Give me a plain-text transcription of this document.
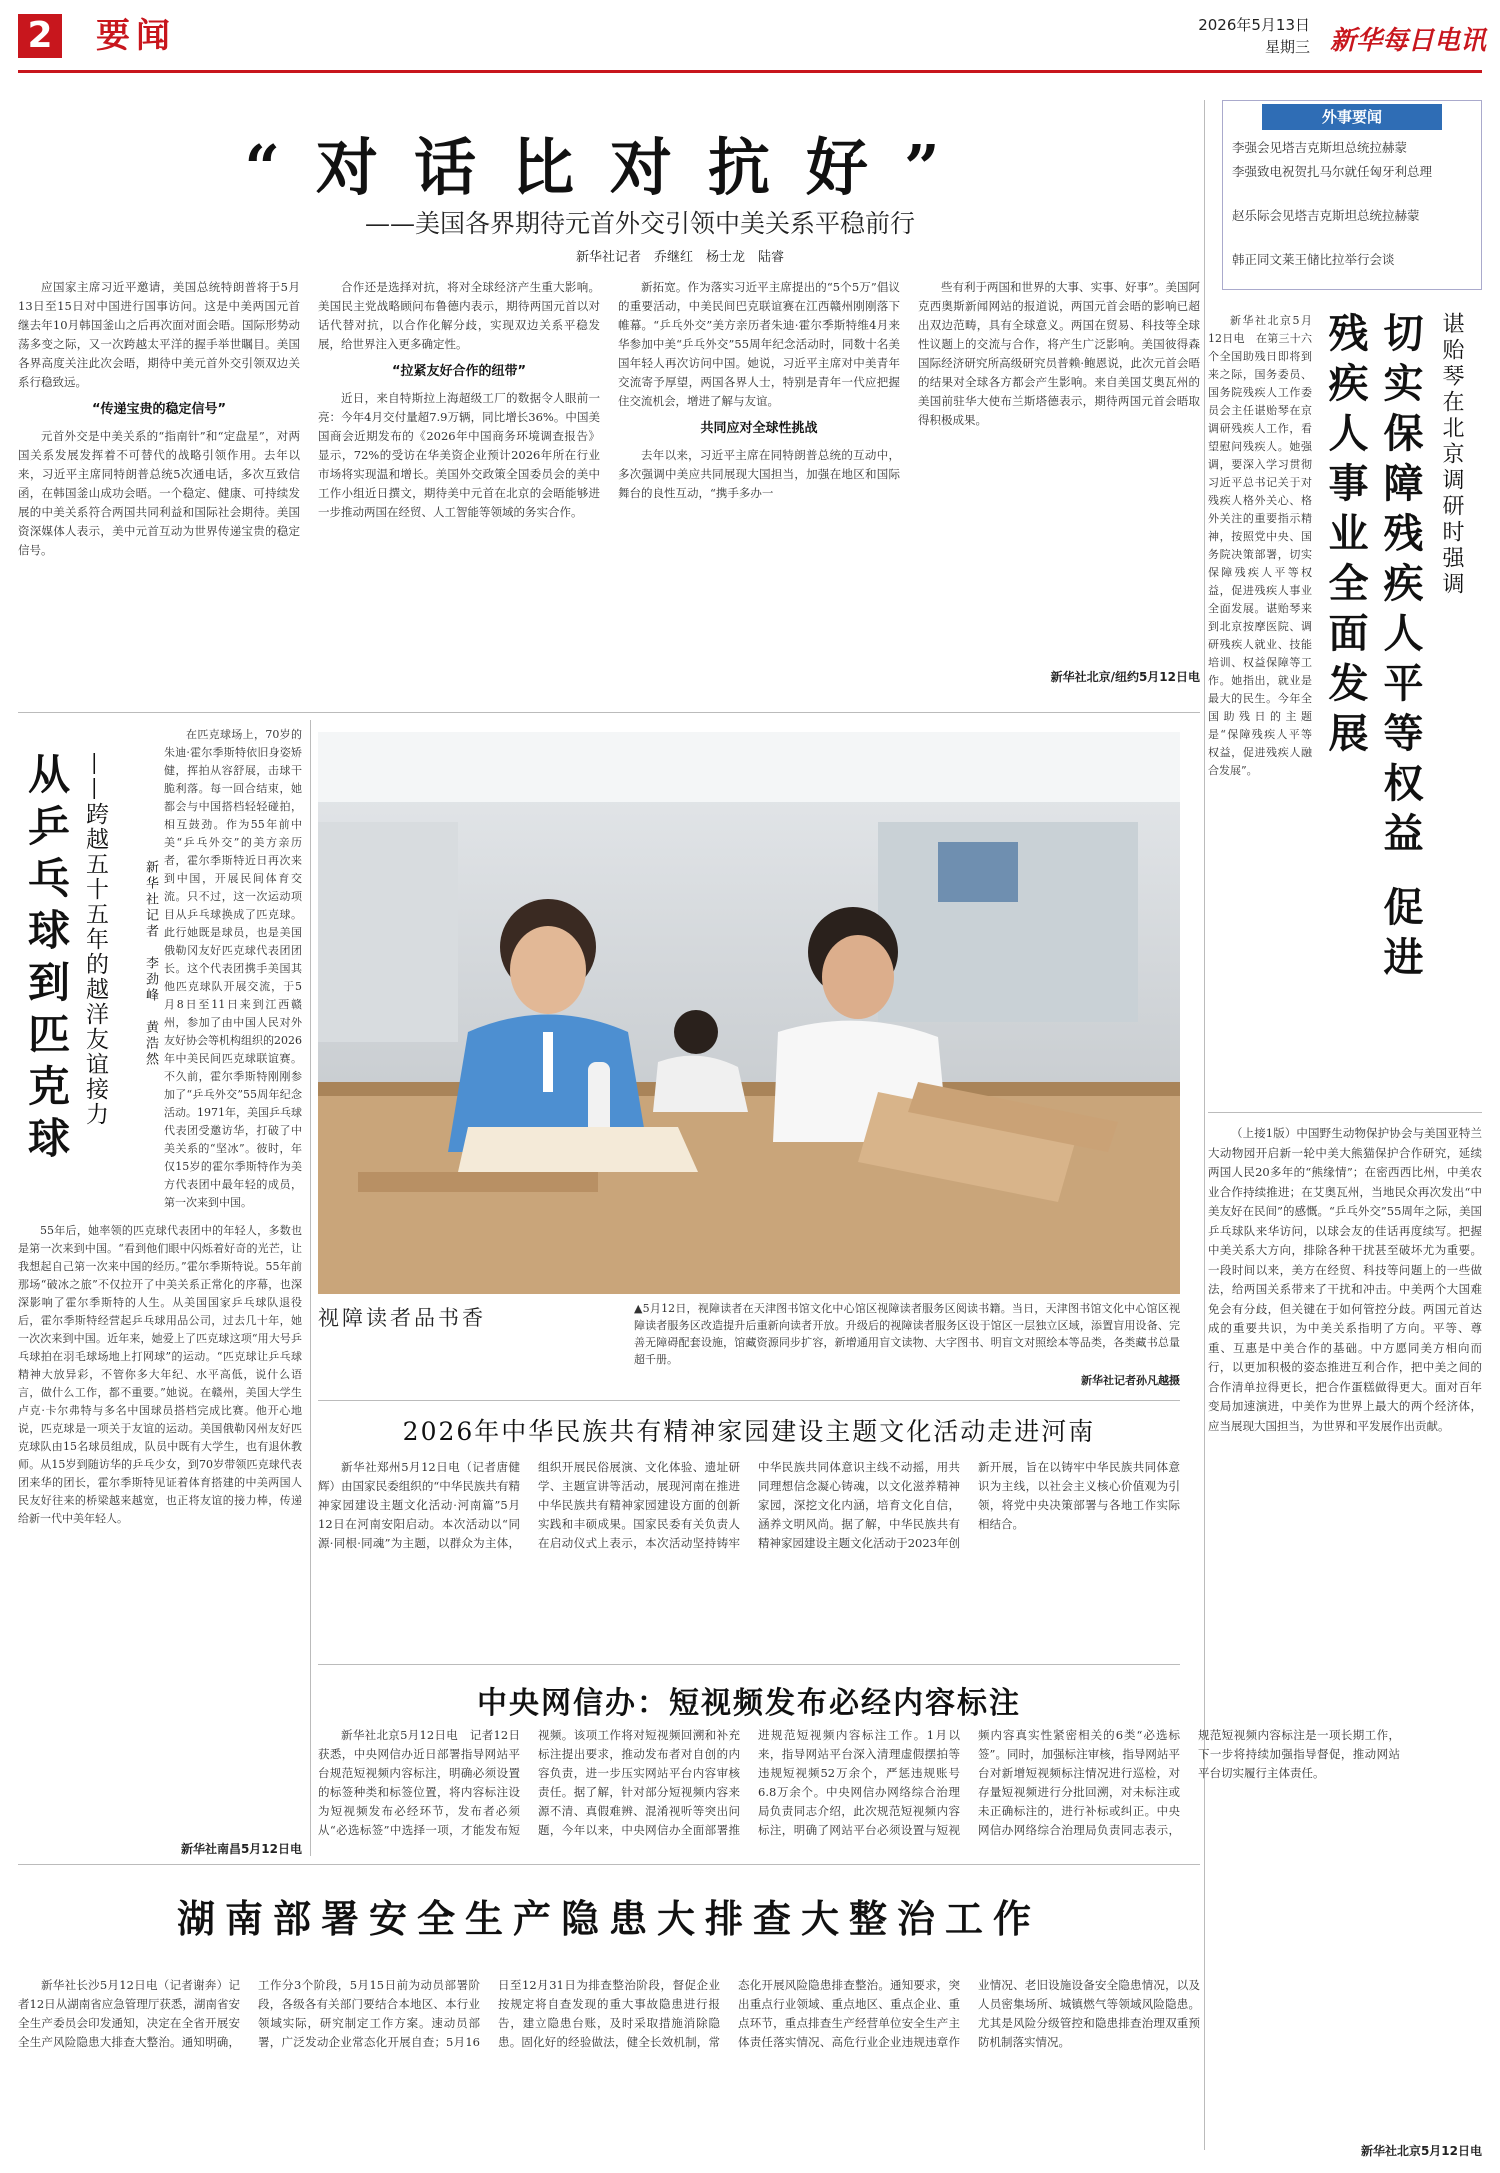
2 要闻	2026年5月13日
星期三 新华每日电讯
“对话比对抗好”
——美国各界期待元首外交引领中美关系平稳前行
新华社记者　乔继红　杨士龙　陆睿

应国家主席习近平邀请，美国总统特朗普将于5月13日至15日对中国进行国事访问。这是中美两国元首继去年10月韩国釜山之后再次面对面会晤。国际形势动荡多变之际，又一次跨越太平洋的握手举世瞩目。美国各界高度关注此次会晤，期待中美元首外交引领双边关系行稳致远。

“传递宝贵的稳定信号”

元首外交是中美关系的“指南针”和“定盘星”，对两国关系发展发挥着不可替代的战略引领作用。去年以来，习近平主席同特朗普总统5次通电话，多次互致信函，在韩国釜山成功会晤。一个稳定、健康、可持续发展的中美关系符合两国共同利益和国际社会期待。美国资深媒体人表示，美中元首互动为世界传递宝贵的稳定信号。

合作还是选择对抗，将对全球经济产生重大影响。美国民主党战略顾问布鲁德内表示，期待两国元首以对话代替对抗，以合作化解分歧，实现双边关系平稳发展，给世界注入更多确定性。

“拉紧友好合作的纽带”

近日，来自特斯拉上海超级工厂的数据令人眼前一亮：今年4月交付量超7.9万辆，同比增长36%。中国美国商会近期发布的《2026年中国商务环境调查报告》显示，72%的受访在华美资企业预计2026年所在行业市场将实现温和增长。美国外交政策全国委员会的美中工作小组近日撰文，期待美中元首在北京的会晤能够进一步推动两国在经贸、人工智能等领域的务实合作。

新拓宽。作为落实习近平主席提出的“5个5万”倡议的重要活动，中美民间巴克联谊赛在江西赣州刚刚落下帷幕。“乒乓外交”美方亲历者朱迪·霍尔季斯特维4月来华参加中美“乒乓外交”55周年纪念活动时，同数十名美国年轻人再次访问中国。她说，习近平主席对中美青年交流寄予厚望，两国各界人士，特别是青年一代应把握住交流机会，增进了解与友谊。

共同应对全球性挑战

去年以来，习近平主席在同特朗普总统的互动中，多次强调中美应共同展现大国担当，加强在地区和国际舞台的良性互动，“携手多办一

些有利于两国和世界的大事、实事、好事”。美国阿克西奥斯新闻网站的报道说，两国元首会晤的影响已超出双边范畴，具有全球意义。两国在贸易、科技等全球性议题上的交流与合作，将产生广泛影响。美国彼得森国际经济研究所高级研究员普赖·鲍恩说，此次元首会晤的结果对全球各方都会产生影响。来自美国艾奥瓦州的美国前驻华大使布兰斯塔德表示，期待两国元首会晤取得积极成果。

新华社北京/纽约5月12日电
外事要闻
李强会见塔吉克斯坦总统拉赫蒙
李强致电祝贺扎马尔就任匈牙利总理
赵乐际会见塔吉克斯坦总统拉赫蒙
韩正同文莱王储比拉举行会谈
谌贻琴在北京调研时强调
切实保障残疾人平等权益 促进残疾人事业全面发展

新华社北京5月12日电　在第三十六个全国助残日即将到来之际，国务委员、国务院残疾人工作委员会主任谌贻琴在京调研残疾人工作，看望慰问残疾人。她强调，要深入学习贯彻习近平总书记关于对残疾人格外关心、格外关注的重要指示精神，按照党中央、国务院决策部署，切实保障残疾人平等权益，促进残疾人事业全面发展。谌贻琴来到北京按摩医院、调研残疾人就业、技能培训、权益保障等工作。她指出，就业是最大的民生。今年全国助残日的主题是“保障残疾人平等权益，促进残疾人融合发展”。

（上接1版）中国野生动物保护协会与美国亚特兰大动物园开启新一轮中美大熊猫保护合作研究，延续两国人民20多年的“熊缘情”；在密西西比州，中美农业合作持续推进；在艾奥瓦州，当地民众再次发出“中美友好在民间”的感慨。“乒乓外交”55周年之际，美国乒乓球队来华访问，以球会友的佳话再度续写。把握中美关系大方向，排除各种干扰甚至破坏尤为重要。一段时间以来，美方在经贸、科技等问题上的一些做法，给两国关系带来了干扰和冲击。中美两个大国难免会有分歧，但关键在于如何管控分歧。两国元首达成的重要共识，为中美关系指明了方向。平等、尊重、互惠是中美合作的基础。中方愿同美方相向而行，以更加积极的姿态推进互利合作，把中美之间的合作清单拉得更长，把合作蛋糕做得更大。面对百年变局加速演进，中美作为世界上最大的两个经济体，应当展现大国担当，为世界和平发展作出贡献。

新华社北京5月12日电
从乒乓球到匹克球 ——跨越五十五年的越洋友谊接力	新华社记者　李劲峰　黄浩然

在匹克球场上，70岁的朱迪·霍尔季斯特依旧身姿矫健，挥拍从容舒展，击球干脆利落。每一回合结束，她都会与中国搭档轻轻碰拍，相互鼓劲。作为55年前中美“乒乓外交”的美方亲历者，霍尔季斯特近日再次来到中国，开展民间体育交流。只不过，这一次运动项目从乒乓球换成了匹克球。此行她既是球员，也是美国俄勒冈友好匹克球代表团团长。这个代表团携手美国其他匹克球队开展交流，于5月8日至11日来到江西赣州，参加了由中国人民对外友好协会等机构组织的2026年中美民间匹克球联谊赛。不久前，霍尔季斯特刚刚参加了“乒乓外交”55周年纪念活动。1971年，美国乒乓球代表团受邀访华，打破了中美关系的“坚冰”。彼时，年仅15岁的霍尔季斯特作为美方代表团中最年轻的成员，第一次来到中国。

55年后，她率领的匹克球代表团中的年轻人，多数也是第一次来到中国。“看到他们眼中闪烁着好奇的光芒，让我想起自己第一次来中国的经历。”霍尔季斯特说。55年前那场“破冰之旅”不仅拉开了中美关系正常化的序幕，也深深影响了霍尔季斯特的人生。从美国国家乒乓球队退役后，霍尔季斯特经营起乒乓球用品公司，过去几十年，她一次次来到中国。近年来，她爱上了匹克球这项“用大号乒乓球拍在羽毛球场地上打网球”的运动。“匹克球让乒乓球精神大放异彩，不管你多大年纪、水平高低，说什么语言，做什么工作，都不重要。”她说。在赣州，美国大学生卢克·卡尔弗特与多名中国球员搭档完成比赛。他开心地说，匹克球是一项关于友谊的运动。美国俄勒冈州友好匹克球队由15名球员组成，队员中既有大学生，也有退休教师。从15岁到随访华的乒乓少女，到70岁带领匹克球代表团来华的团长，霍尔季斯特见证着体育搭建的中美两国人民友好往来的桥梁越来越宽，也正将友谊的接力棒，传递给新一代中美年轻人。

新华社南昌5月12日电
视障读者品书香	▲5月12日，视障读者在天津图书馆文化中心馆区视障读者服务区阅读书籍。当日，天津图书馆文化中心馆区视障读者服务区改造提升后重新向读者开放。升级后的视障读者服务区设于馆区一层独立区域，添置盲用设备、完善无障碍配套设施，馆藏资源同步扩容，新增通用盲文读物、大字图书、明盲文对照绘本等品类，各类藏书总量超千册。
新华社记者孙凡越摄
2026年中华民族共有精神家园建设主题文化活动走进河南

新华社郑州5月12日电（记者唐健辉）由国家民委组织的“中华民族共有精神家园建设主题文化活动·河南篇”5月12日在河南安阳启动。本次活动以“同源·同根·同魂”为主题，以群众为主体，组织开展民俗展演、文化体验、遗址研学、主题宣讲等活动，展现河南在推进中华民族共有精神家园建设方面的创新实践和丰硕成果。国家民委有关负责人在启动仪式上表示，本次活动坚持铸牢中华民族共同体意识主线不动摇，用共同理想信念凝心铸魂，以文化滋养精神家园，深挖文化内涵，培育文化自信，涵养文明风尚。据了解，中华民族共有精神家园建设主题文化活动于2023年创新开展，旨在以铸牢中华民族共同体意识为主线，以社会主义核心价值观为引领，将党中央决策部署与各地工作实际相结合。

中央网信办：短视频发布必经内容标注

新华社北京5月12日电　记者12日获悉，中央网信办近日部署指导网站平台规范短视频内容标注，明确必须设置的标签种类和标签位置，将内容标注设为短视频发布必经环节，发布者必须从“必选标签”中选择一项，才能发布短视频。该项工作将对短视频回溯和补充标注提出要求，推动发布者对自创的内容负责，进一步压实网站平台内容审核责任。据了解，针对部分短视频内容来源不清、真假难辨、混淆视听等突出问题，今年以来，中央网信办全面部署推进规范短视频内容标注工作。1月以来，指导网站平台深入清理虚假摆拍等违规短视频52万余个，严惩违规账号6.8万余个。中央网信办网络综合治理局负责同志介绍，此次规范短视频内容标注，明确了网站平台必须设置与短视频内容真实性紧密相关的6类“必选标签”。同时，加强标注审核，指导网站平台对新增短视频标注情况进行巡检，对存量短视频进行分批回溯，对未标注或未正确标注的，进行补标或纠正。中央网信办网络综合治理局负责同志表示，规范短视频内容标注是一项长期工作，下一步将持续加强指导督促，推动网站平台切实履行主体责任。

湖南部署安全生产隐患大排查大整治工作

新华社长沙5月12日电（记者谢奔）记者12日从湖南省应急管理厅获悉，湖南省安全生产委员会印发通知，决定在全省开展安全生产风险隐患大排查大整治。通知明确，工作分3个阶段，5月15日前为动员部署阶段，各级各有关部门要结合本地区、本行业领域实际，研究制定工作方案。速动员部署，广泛发动企业常态化开展自查；5月16日至12月31日为排查整治阶段，督促企业按规定将自查发现的重大事故隐患进行报告，建立隐患台账，及时采取措施消除隐患。固化好的经验做法，健全长效机制，常态化开展风险隐患排查整治。通知要求，突出重点行业领域、重点地区、重点企业、重点环节，重点排查生产经营单位安全生产主体责任落实情况、高危行业企业违规违章作业情况、老旧设施设备安全隐患情况，以及人员密集场所、城镇燃气等领域风险隐患。尤其是风险分级管控和隐患排查治理双重预防机制落实情况。
